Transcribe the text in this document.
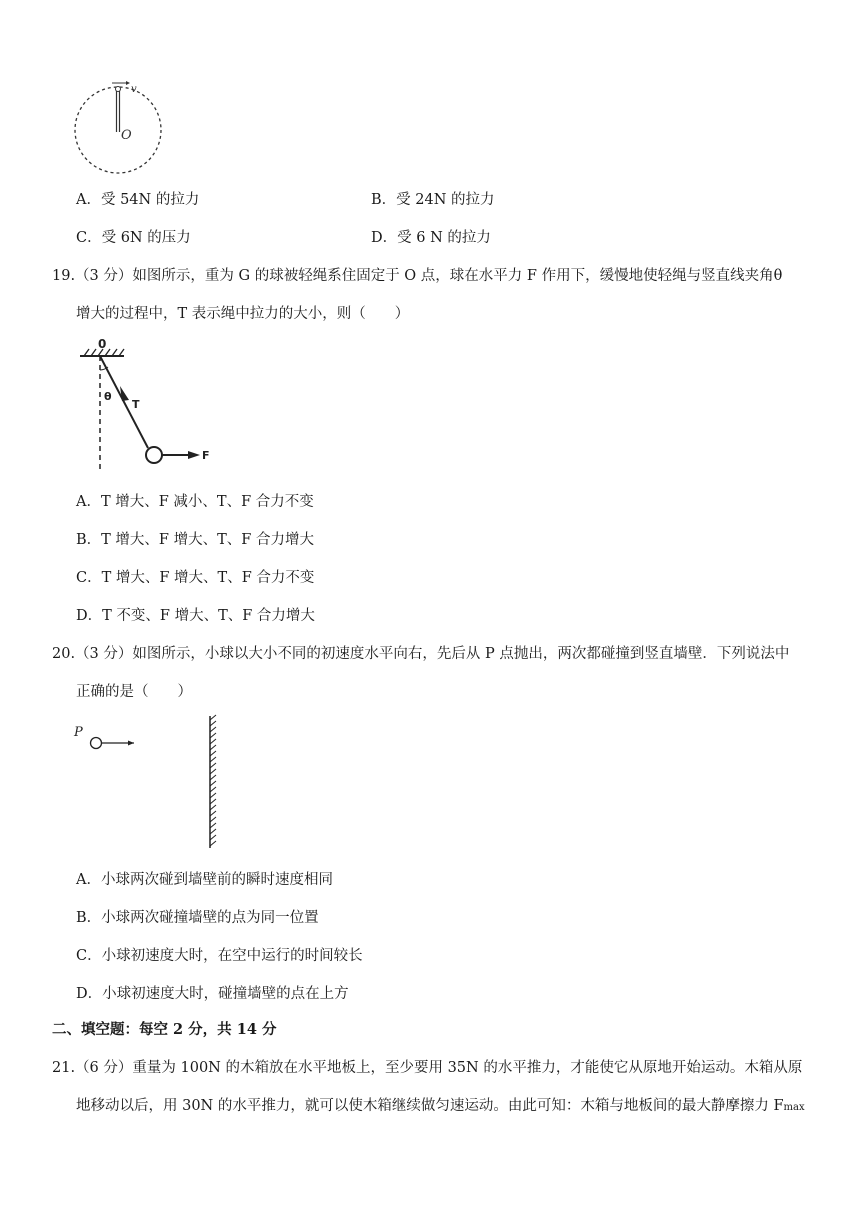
v
O
A．受 54N 的拉力	B．受 24N 的拉力
C．受 6N 的压力	D．受 6 N 的拉力
19.（3 分）如图所示，重为 G 的球被轻绳系住固定于 O 点，球在水平力 F 作用下，缓慢地使轻绳与竖直线夹角θ
增大的过程中，T 表示绳中拉力的大小，则（　　）
0
θ
T
F
A．T 增大、F 减小、T、F 合力不变
B．T 增大、F 增大、T、F 合力增大
C．T 增大、F 增大、T、F 合力不变
D．T 不变、F 增大、T、F 合力增大
20.（3 分）如图所示，小球以大小不同的初速度水平向右，先后从 P 点抛出，两次都碰撞到竖直墙壁．下列说法中
正确的是（　　）
P
A．小球两次碰到墙壁前的瞬时速度相同
B．小球两次碰撞墙壁的点为同一位置
C．小球初速度大时，在空中运行的时间较长
D．小球初速度大时，碰撞墙壁的点在上方
二、填空题：每空 2 分，共 14 分
21.（6 分）重量为 100N 的木箱放在水平地板上，至少要用 35N 的水平推力，才能使它从原地开始运动。木箱从原
地移动以后，用 30N 的水平推力，就可以使木箱继续做匀速运动。由此可知：木箱与地板间的最大静摩擦力 Fmax
